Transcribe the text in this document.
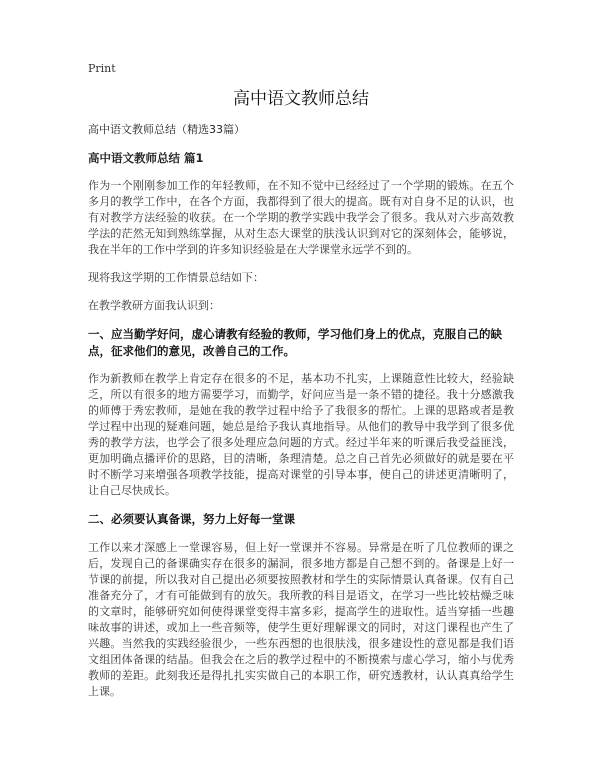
Print
高中语文教师总结
高中语文教师总结（精选33篇）
高中语文教师总结 篇1

作为一个刚刚参加工作的年轻教师，在不知不觉中已经经过了一个学期的锻炼。在五个多月的教学工作中，在各个方面，我都得到了很大的提高。既有对自身不足的认识，也有对教学方法经验的收获。在一个学期的教学实践中我学会了很多。我从对六步高效教学法的茫然无知到熟练掌握，从对生态大课堂的肤浅认识到对它的深刻体会，能够说，我在半年的工作中学到的许多知识经验是在大学课堂永远学不到的。

现将我这学期的工作情景总结如下：

在教学教研方面我认识到：

一、应当勤学好问，虚心请教有经验的教师，学习他们身上的优点，克服自己的缺点，征求他们的意见，改善自己的工作。

作为新教师在教学上肯定存在很多的不足，基本功不扎实，上课随意性比较大，经验缺乏，所以有很多的地方需要学习，而勤学，好问应当是一条不错的捷径。我十分感激我的师傅于秀宏教师，是她在我的教学过程中给予了我很多的帮忙。上课的思路或者是教学过程中出现的疑难问题，她总是给予我认真地指导。从他们的教导中我学到了很多优秀的教学方法，也学会了很多处理应急问题的方式。经过半年来的听课后我受益匪浅，更加明确点播评价的思路，目的清晰，条理清楚。总之自己首先必须做好的就是要在平时不断学习来增强各项教学技能，提高对课堂的引导本事，使自己的讲述更清晰明了，让自己尽快成长。

二、必须要认真备课，努力上好每一堂课

工作以来才深感上一堂课容易，但上好一堂课并不容易。异常是在听了几位教师的课之后，发现自己的备课确实存在很多的漏洞，很多地方都是自己想不到的。备课是上好一节课的前提，所以我对自己提出必须要按照教材和学生的实际情景认真备课。仅有自己准备充分了，才有可能做到有的放矢。我所教的科目是语文，在学习一些比较枯燥乏味的文章时，能够研究如何使得课堂变得丰富多彩，提高学生的进取性。适当穿插一些趣味故事的讲述，或加上一些音频等，使学生更好理解课文的同时，对这门课程也产生了兴趣。当然我的实践经验很少，一些东西想的也很肤浅，很多建设性的意见都是我们语文组团体备课的结晶。但我会在之后的教学过程中的不断摸索与虚心学习，缩小与优秀教师的差距。此刻我还是得扎扎实实做自己的本职工作，研究透教材，认认真真给学生上课。
